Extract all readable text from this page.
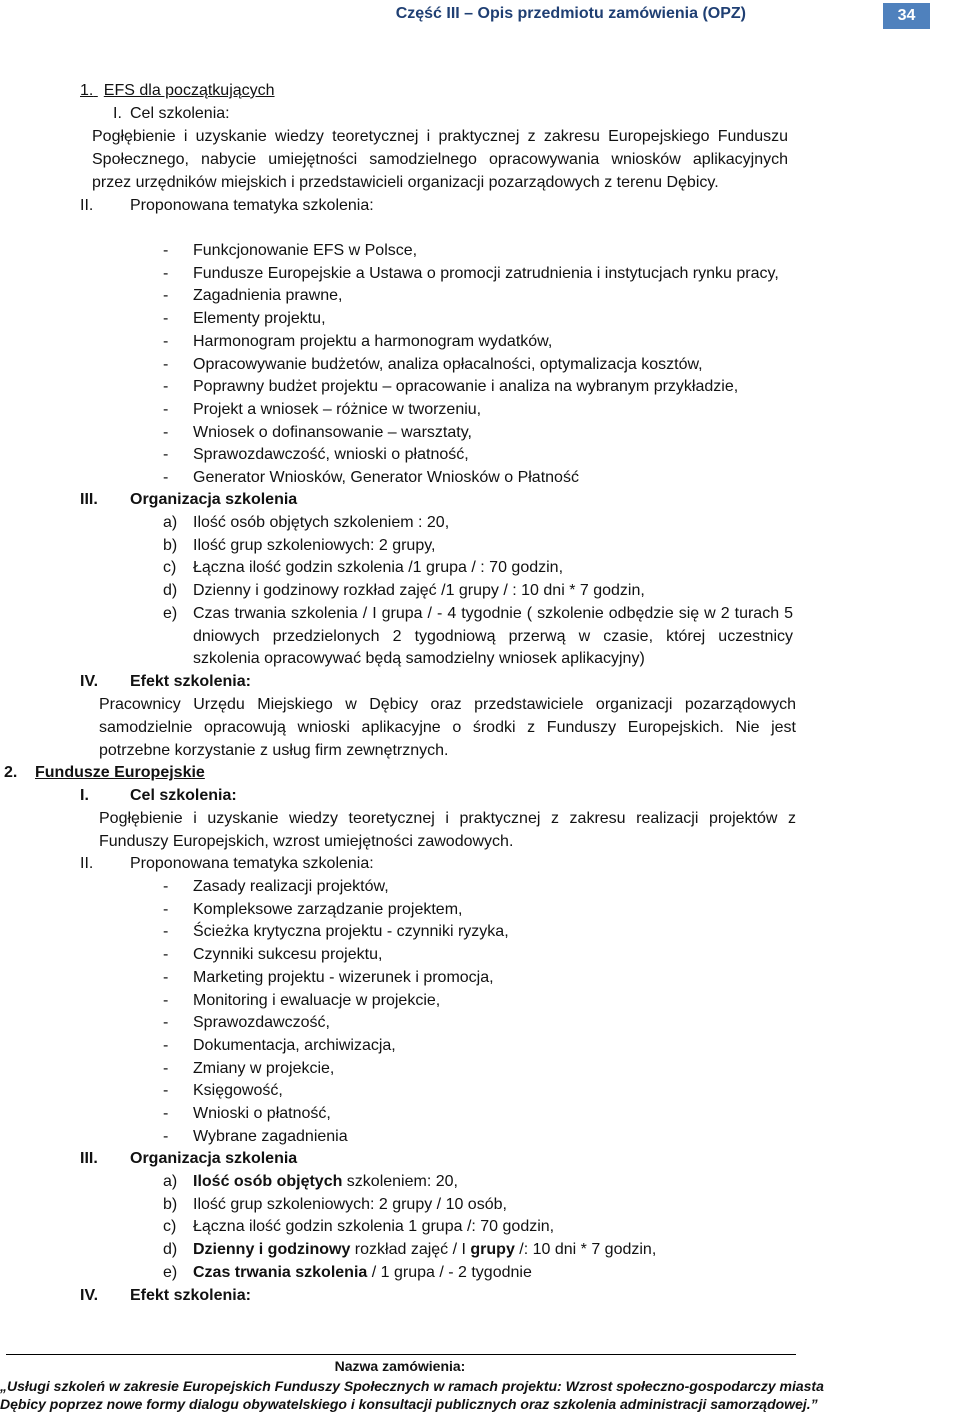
Część III – Opis przedmiotu zamówienia (OPZ)	34
1. EFS dla początkujących
I. Cel szkolenia:
Pogłębienie i uzyskanie wiedzy teoretycznej i praktycznej z zakresu Europejskiego Funduszu
Społecznego, nabycie umiejętności samodzielnego opracowywania wniosków aplikacyjnych
przez urzędników miejskich i przedstawicieli organizacji pozarządowych z terenu Dębicy.
II. Proponowana tematyka szkolenia:
- Funkcjonowanie EFS w Polsce,
- Fundusze Europejskie a Ustawa o promocji zatrudnienia i instytucjach rynku pracy,
- Zagadnienia prawne,
- Elementy projektu,
- Harmonogram projektu a harmonogram wydatków,
- Opracowywanie budżetów, analiza opłacalności, optymalizacja kosztów,
- Poprawny budżet projektu – opracowanie i analiza na wybranym przykładzie,
- Projekt a wniosek – różnice w tworzeniu,
- Wniosek o dofinansowanie – warsztaty,
- Sprawozdawczość, wnioski o płatność,
- Generator Wniosków, Generator Wniosków o Płatność
III. Organizacja szkolenia
a) Ilość osób objętych szkoleniem : 20,
b) Ilość grup szkoleniowych: 2 grupy,
c) Łączna ilość godzin szkolenia /1 grupa / : 70 godzin,
d) Dzienny i godzinowy rozkład zajęć /1 grupy / : 10 dni * 7 godzin,
e) Czas trwania szkolenia / I grupa / - 4 tygodnie ( szkolenie odbędzie się w 2 turach 5
dniowych przedzielonych 2 tygodniową przerwą w czasie, której uczestnicy
szkolenia opracowywać będą samodzielny wniosek aplikacyjny)
IV. Efekt szkolenia:
Pracownicy Urzędu Miejskiego w Dębicy oraz przedstawiciele organizacji pozarządowych
samodzielnie opracowują wnioski aplikacyjne o środki z Funduszy Europejskich. Nie jest
potrzebne korzystanie z usług firm zewnętrznych.
2. Fundusze Europejskie
I.	Cel szkolenia:
Pogłębienie i uzyskanie wiedzy teoretycznej i praktycznej z zakresu realizacji projektów z
Funduszy Europejskich, wzrost umiejętności zawodowych.
II. Proponowana tematyka szkolenia:
- Zasady realizacji projektów,
- Kompleksowe zarządzanie projektem,
- Ścieżka krytyczna projektu - czynniki ryzyka,
- Czynniki sukcesu projektu,
- Marketing projektu - wizerunek i promocja,
- Monitoring i ewaluacje w projekcie,
- Sprawozdawczość,
- Dokumentacja, archiwizacja,
- Zmiany w projekcie,
- Księgowość,
- Wnioski o płatność,
- Wybrane zagadnienia
III. Organizacja szkolenia
a) Ilość osób objętych szkoleniem: 20,
b) Ilość grup szkoleniowych: 2 grupy / 10 osób,
c) Łączna ilość godzin szkolenia 1 grupa /: 70 godzin,
d) Dzienny i godzinowy rozkład zajęć / I grupy /: 10 dni * 7 godzin,
e) Czas trwania szkolenia / 1 grupa / - 2 tygodnie
IV. Efekt szkolenia:
Nazwa zamówienia:
„Usługi szkoleń w zakresie Europejskich Funduszy Społecznych w ramach projektu: Wzrost społeczno-gospodarczy miasta
Dębicy poprzez nowe formy dialogu obywatelskiego i konsultacji publicznych oraz szkolenia administracji samorządowej.”
